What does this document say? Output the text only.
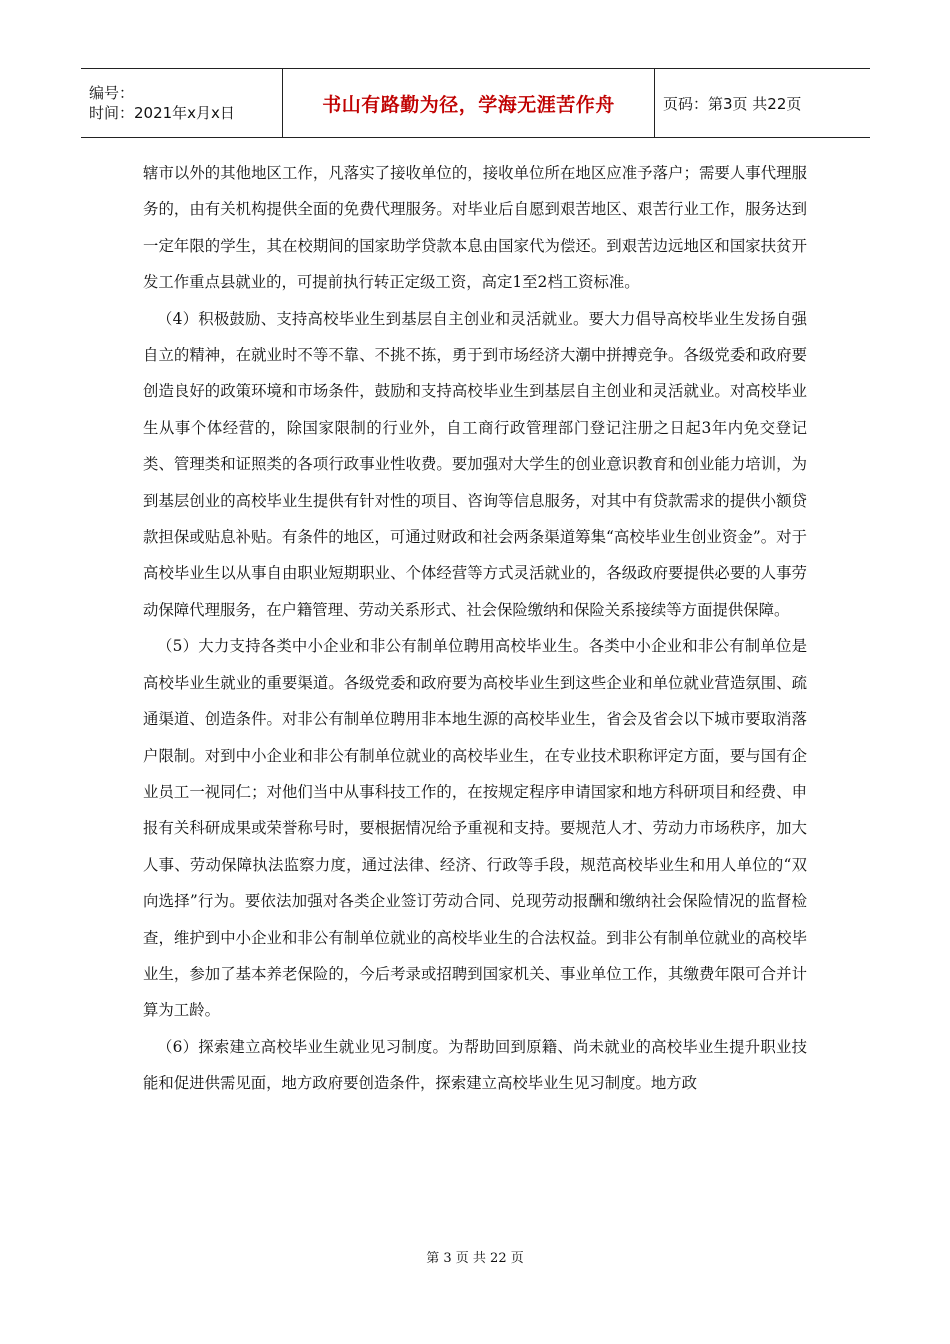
编号：
时间：2021年x月x日	书山有路勤为径，学海无涯苦作舟	页码：第3页 共22页

辖市以外的其他地区工作，凡落实了接收单位的，接收单位所在地区应准予落户；需要人事代理服务的，由有关机构提供全面的免费代理服务。对毕业后自愿到艰苦地区、艰苦行业工作，服务达到一定年限的学生，其在校期间的国家助学贷款本息由国家代为偿还。到艰苦边远地区和国家扶贫开发工作重点县就业的，可提前执行转正定级工资，高定1至2档工资标准。

（4）积极鼓励、支持高校毕业生到基层自主创业和灵活就业。要大力倡导高校毕业生发扬自强自立的精神，在就业时不等不靠、不挑不拣，勇于到市场经济大潮中拼搏竞争。各级党委和政府要创造良好的政策环境和市场条件，鼓励和支持高校毕业生到基层自主创业和灵活就业。对高校毕业生从事个体经营的，除国家限制的行业外，自工商行政管理部门登记注册之日起3年内免交登记类、管理类和证照类的各项行政事业性收费。要加强对大学生的创业意识教育和创业能力培训，为到基层创业的高校毕业生提供有针对性的项目、咨询等信息服务，对其中有贷款需求的提供小额贷款担保或贴息补贴。有条件的地区，可通过财政和社会两条渠道筹集“高校毕业生创业资金”。对于高校毕业生以从事自由职业短期职业、个体经营等方式灵活就业的，各级政府要提供必要的人事劳动保障代理服务，在户籍管理、劳动关系形式、社会保险缴纳和保险关系接续等方面提供保障。

（5）大力支持各类中小企业和非公有制单位聘用高校毕业生。各类中小企业和非公有制单位是高校毕业生就业的重要渠道。各级党委和政府要为高校毕业生到这些企业和单位就业营造氛围、疏通渠道、创造条件。对非公有制单位聘用非本地生源的高校毕业生，省会及省会以下城市要取消落户限制。对到中小企业和非公有制单位就业的高校毕业生，在专业技术职称评定方面，要与国有企业员工一视同仁；对他们当中从事科技工作的，在按规定程序申请国家和地方科研项目和经费、申报有关科研成果或荣誉称号时，要根据情况给予重视和支持。要规范人才、劳动力市场秩序，加大人事、劳动保障执法监察力度，通过法律、经济、行政等手段，规范高校毕业生和用人单位的“双向选择”行为。要依法加强对各类企业签订劳动合同、兑现劳动报酬和缴纳社会保险情况的监督检查，维护到中小企业和非公有制单位就业的高校毕业生的合法权益。到非公有制单位就业的高校毕业生，参加了基本养老保险的，今后考录或招聘到国家机关、事业单位工作，其缴费年限可合并计算为工龄。

（6）探索建立高校毕业生就业见习制度。为帮助回到原籍、尚未就业的高校毕业生提升职业技能和促进供需见面，地方政府要创造条件，探索建立高校毕业生见习制度。地方政

第 3 页 共 22 页
